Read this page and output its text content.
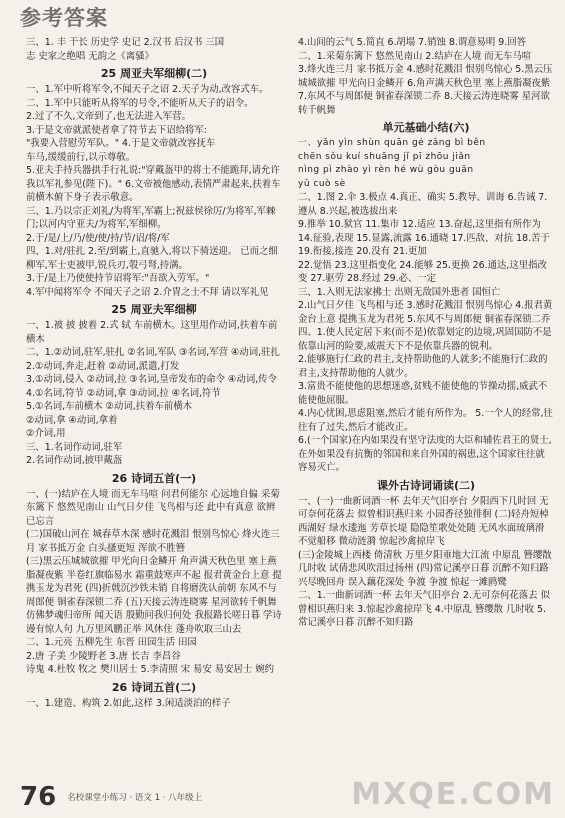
参考答案

三、1. 丰 干长 历史学 史记 2.汉书 后汉书 三国

志 史家之绝唱 无韵之《离骚》

25 周亚夫军细柳(二)

一、1.军中听将军令,不闻天子之诏 2.天子为动,改容式车。

二、1.军中只能听从将军的号令,不能听从天子的诏令。

2.过了不久,文帝到了,也无法进入军营。

3.于是文帝就派使者拿了符节去下诏给将军:

"我要入营慰劳军队。" 4.于是文帝就改容抚车

车马,缓缓前行,以示尊敬。

5.亚夫手持兵器拱手行礼说:"穿戴盔甲的将士不能跪拜,请允许我以军礼参见(陛下)。" 6.文帝被他感动,表情严肃起来,扶着车前横木俯下身子表示敬意。

三、1.乃以宗正刘礼/为将军,军霸上;祝兹侯徐厉/为将军,军棘门;以河内守亚夫/为将军,军细柳。

2.于/是/上/乃/使/使/持/节/诏/将/军

四、1.对/驻扎 2.至/到霸上,直驰入,将以下骑送迎。 已而之细柳军,军士吏被甲,锐兵刃,彀弓弩,持满。

3.于/是上乃使使持节诏将军:"吾欲入劳军。"

4.军中闻将军令 不闻天子之诏 2.介胄之士不拜 请以军礼见

25 周亚夫军细柳

一、1.被 披 披着 2.式 轼 车前横木。这里用作动词,扶着车前横木

二、1.②动词,驻军,驻扎 ②名词,军队 ③名词,军营 ④动词,驻扎

2.①动词,奔走,赶着 ②动词,派遣,打发

3.①动词,侵入 ②动词,拉 ③名词,皇帝发布的命令 ④动词,传令

4.①名词,符节 ②动词,拿 ③动词,拉 ④名词,符节

5.①名词,车前横木 ②动词,扶着车前横木

②动词,拿 ④动词,拿着

②介词,用

三、1.名词作动词,驻军

2.名词作动词,披甲戴盔

26 诗词五首(一)

一、(一)结庐在人境 而无车马喧 问君何能尔 心远地自偏 采菊东篱下 悠然见南山 山气日夕佳 飞鸟相与还 此中有真意 欲辨已忘言

(二)国破山河在 城春草木深 感时花溅泪 恨别鸟惊心 烽火连三月 家书抵万金 白头搔更短 浑欲不胜簪

(三)黑云压城城欲摧 甲光向日金鳞开 角声满天秋色里 塞上燕脂凝夜紫 半卷红旗临易水 霜重鼓寒声不起 报君黄金台上意 提携玉龙为君死 (四)折戟沉沙铁未销 自将磨洗认前朝 东风不与周郎便 铜雀春深锁二乔 (五)天接云涛连晓雾 星河欲转千帆舞 仿佛梦魂归帝所 闻天语 殷勤问我归何处 我报路长嗟日暮 学诗谩有惊人句 九万里风鹏正举 风休住 蓬舟吹取三山去

二、1.元亮 五柳先生 东晋 田园生活 田园

2.唐 子美 少陵野老 3.唐 长吉 李昌谷

诗鬼 4.杜牧 牧之 樊川居士 5.李清照 宋 易安 易安居士 婉约

26 诗词五首(二)

一、1.建造、构筑 2.如此,这样 3.闲适淡泊的样子

4.山间的云气 5.简直 6.胡塌 7.销蚀 8.谓意易明 9.回答

二、1.采菊东篱下 悠然见南山 2.结庐在人境 而无车马喧

3.烽火连三月 家书抵万金 4.感时花溅泪 恨别鸟惊心 5.黑云压城城欲摧 甲光向日金鳞开 6.角声满天秋色里 塞上燕脂凝夜紫 7.东风不与周郎便 铜雀春深锁二乔 8.天接云涛连晓雾 星河欲转千帆舞

单元基础小结(六)

一、yǎn yìn shùn quān gé zǎng bì běn

chēn sǒu kuí shuāng jǐ pī zhōu jiǎn

nìng pì zhào yì rèn hé wù gòu guān

yǔ cuò sè

二、1.图 2.伞 3.极点 4.真正、确实 5.教导、训诲 6.告诫 7.遵从 8.兴起,被选拔出来

9.推举 10.狱官 11.集市 12.适应 13.奋起,这里指有所作为 14.征验,表现 15.显露,流露 16.通晓 17.匹敌、对抗 18.苦于 19.衔接,接连 20.没有 21.更加

22.觉悟 23.这里指变化 24.能够 25.更换 26.通达,这里指改变 27.驱劳 28.经过 29.必、一定

三、1.入则无法家拂士 出则无敌国外患者 国恒亡

2.山气日夕佳 飞鸟相与还 3.感时花溅泪 恨别鸟惊心 4.报君黄金台上意 提携玉龙为君死 5.东风不与周郎便 铜雀春深锁二乔

四、1.使人民定居下来(而不是)依靠划定的边境,巩固国防不是依靠山河的险要,威震天下不是依靠兵器的锐利。

2.能够施行仁政的君主,支持帮助他的人就多;不能施行仁政的君主,支持帮助他的人就少。

3.富贵不能使他的思想迷惑,贫贱不能使他的节操动摇,威武不能使他屈服。

4.内心忧困,思虑阻塞,然后才能有所作为。 5.一个人的经常,往往有了过失,然后才能改正。

6.(一个国家)在内如果没有坚守法度的大臣和辅佐君王的贤士,在外如果没有抗衡的邻国和来自外国的祸患,这个国家往往就容易灭亡。

课外古诗词诵读(二)

一、(一)一曲新词酒一杯 去年天气旧亭台 夕阳西下几时回 无可奈何花落去 似曾相识燕归来 小园香径独徘徊 (二)轻舟短棹西湖好 绿水逶迤 芳草长堤 隐隐笙歌处处随 无风水面琉璃滑 不觉船移 微动涟漪 惊起沙禽掠岸飞

(三)金陵城上西楼 倚清秋 万里夕阳垂地大江流 中原乱 簪缨散 几时收 试倩悲风吹泪过扬州 (四)常记溪亭日暮 沉醉不知归路 兴尽晚回舟 误入藕花深处 争渡 争渡 惊起一滩鸥鹭

二、1.一曲新词酒一杯 去年天气旧亭台 2.无可奈何花落去 似曾相识燕归来 3.惊起沙禽掠岸飞 4.中原乱 簪缨散 几时收 5.常记溪亭日暮 沉醉不知归路

MXQE.COM
76 名校课堂小练习 · 语文 1 · 八年级上
